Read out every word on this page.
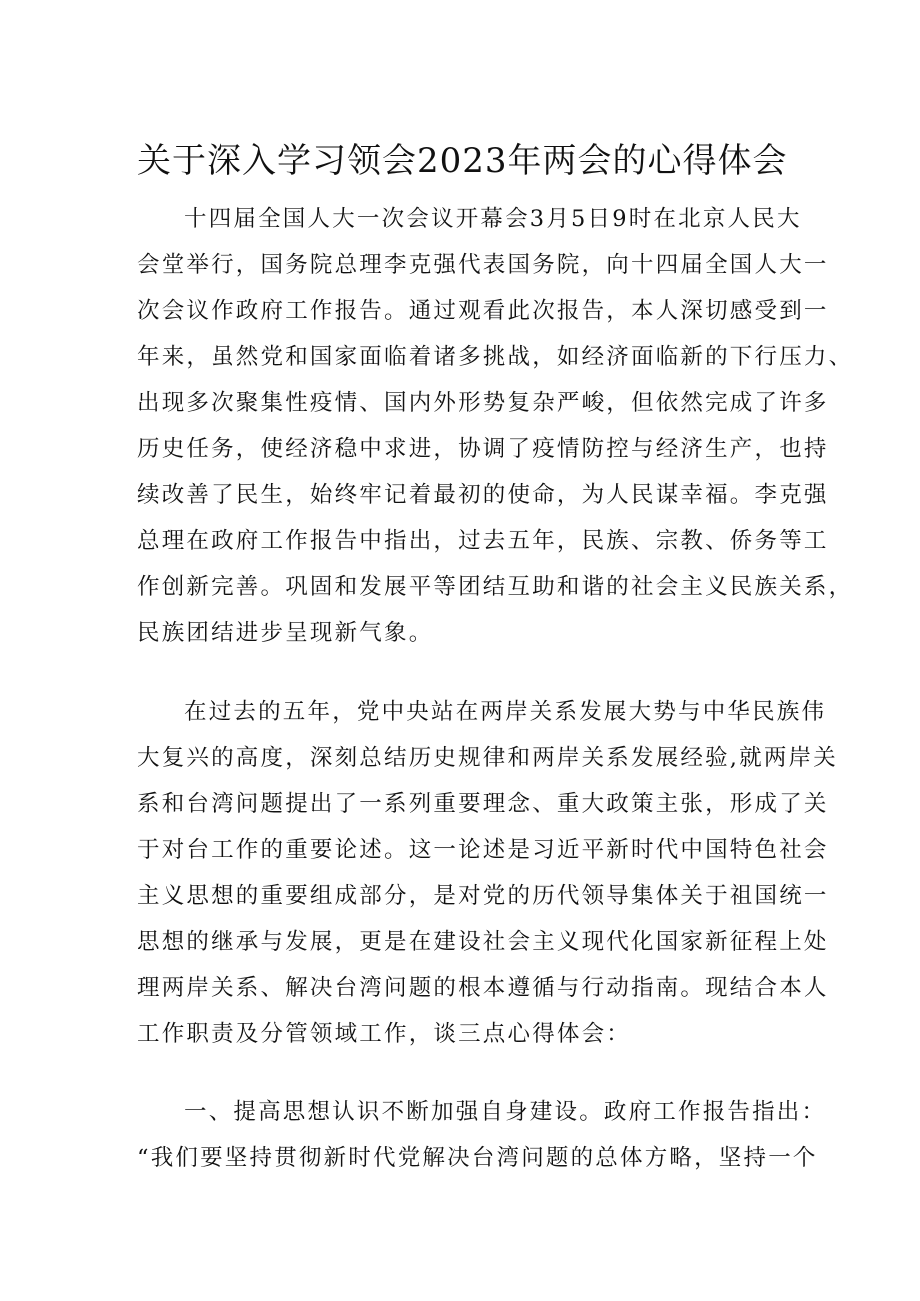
关于深入学习领会2023年两会的心得体会
十四届全国人大一次会议开幕会3月5日9时在北京人民大
会堂举行，国务院总理李克强代表国务院，向十四届全国人大一
次会议作政府工作报告。通过观看此次报告，本人深切感受到一
年来，虽然党和国家面临着诸多挑战，如经济面临新的下行压力、
出现多次聚集性疫情、国内外形势复杂严峻，但依然完成了许多
历史任务，使经济稳中求进，协调了疫情防控与经济生产，也持
续改善了民生，始终牢记着最初的使命，为人民谋幸福。李克强
总理在政府工作报告中指出，过去五年，民族、宗教、侨务等工
作创新完善。巩固和发展平等团结互助和谐的社会主义民族关系，
民族团结进步呈现新气象。
在过去的五年，党中央站在两岸关系发展大势与中华民族伟
大复兴的高度，深刻总结历史规律和两岸关系发展经验,就两岸关
系和台湾问题提出了一系列重要理念、重大政策主张，形成了关
于对台工作的重要论述。这一论述是习近平新时代中国特色社会
主义思想的重要组成部分，是对党的历代领导集体关于祖国统一
思想的继承与发展，更是在建设社会主义现代化国家新征程上处
理两岸关系、解决台湾问题的根本遵循与行动指南。现结合本人
工作职责及分管领域工作，谈三点心得体会：
一、提高思想认识不断加强自身建设。政府工作报告指出：
“我们要坚持贯彻新时代党解决台湾问题的总体方略，坚持一个
